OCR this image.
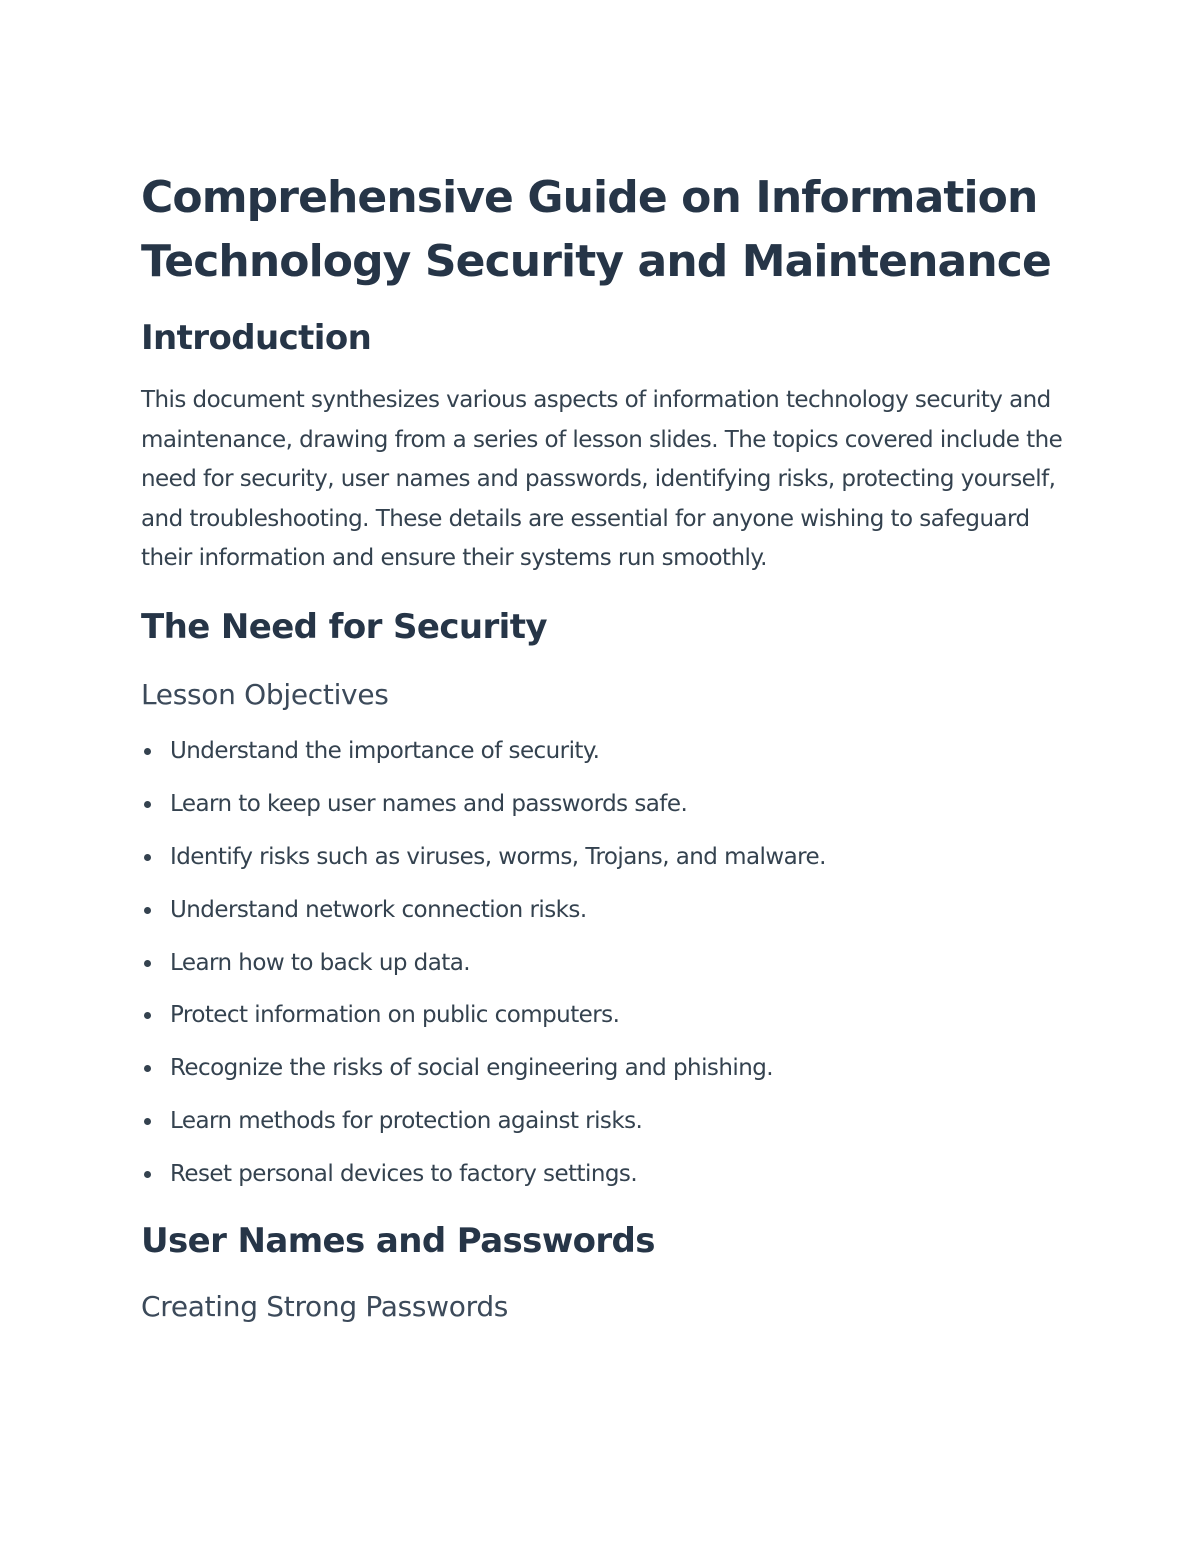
Comprehensive Guide on Information Technology Security and Maintenance
Introduction

This document synthesizes various aspects of information technology security and maintenance, drawing from a series of lesson slides. The topics covered include the need for security, user names and passwords, identifying risks, protecting yourself, and troubleshooting. These details are essential for anyone wishing to safeguard their information and ensure their systems run smoothly.

The Need for Security
Lesson Objectives
Understand the importance of security.
Learn to keep user names and passwords safe.
Identify risks such as viruses, worms, Trojans, and malware.
Understand network connection risks.
Learn how to back up data.
Protect information on public computers.
Recognize the risks of social engineering and phishing.
Learn methods for protection against risks.
Reset personal devices to factory settings.
User Names and Passwords
Creating Strong Passwords
